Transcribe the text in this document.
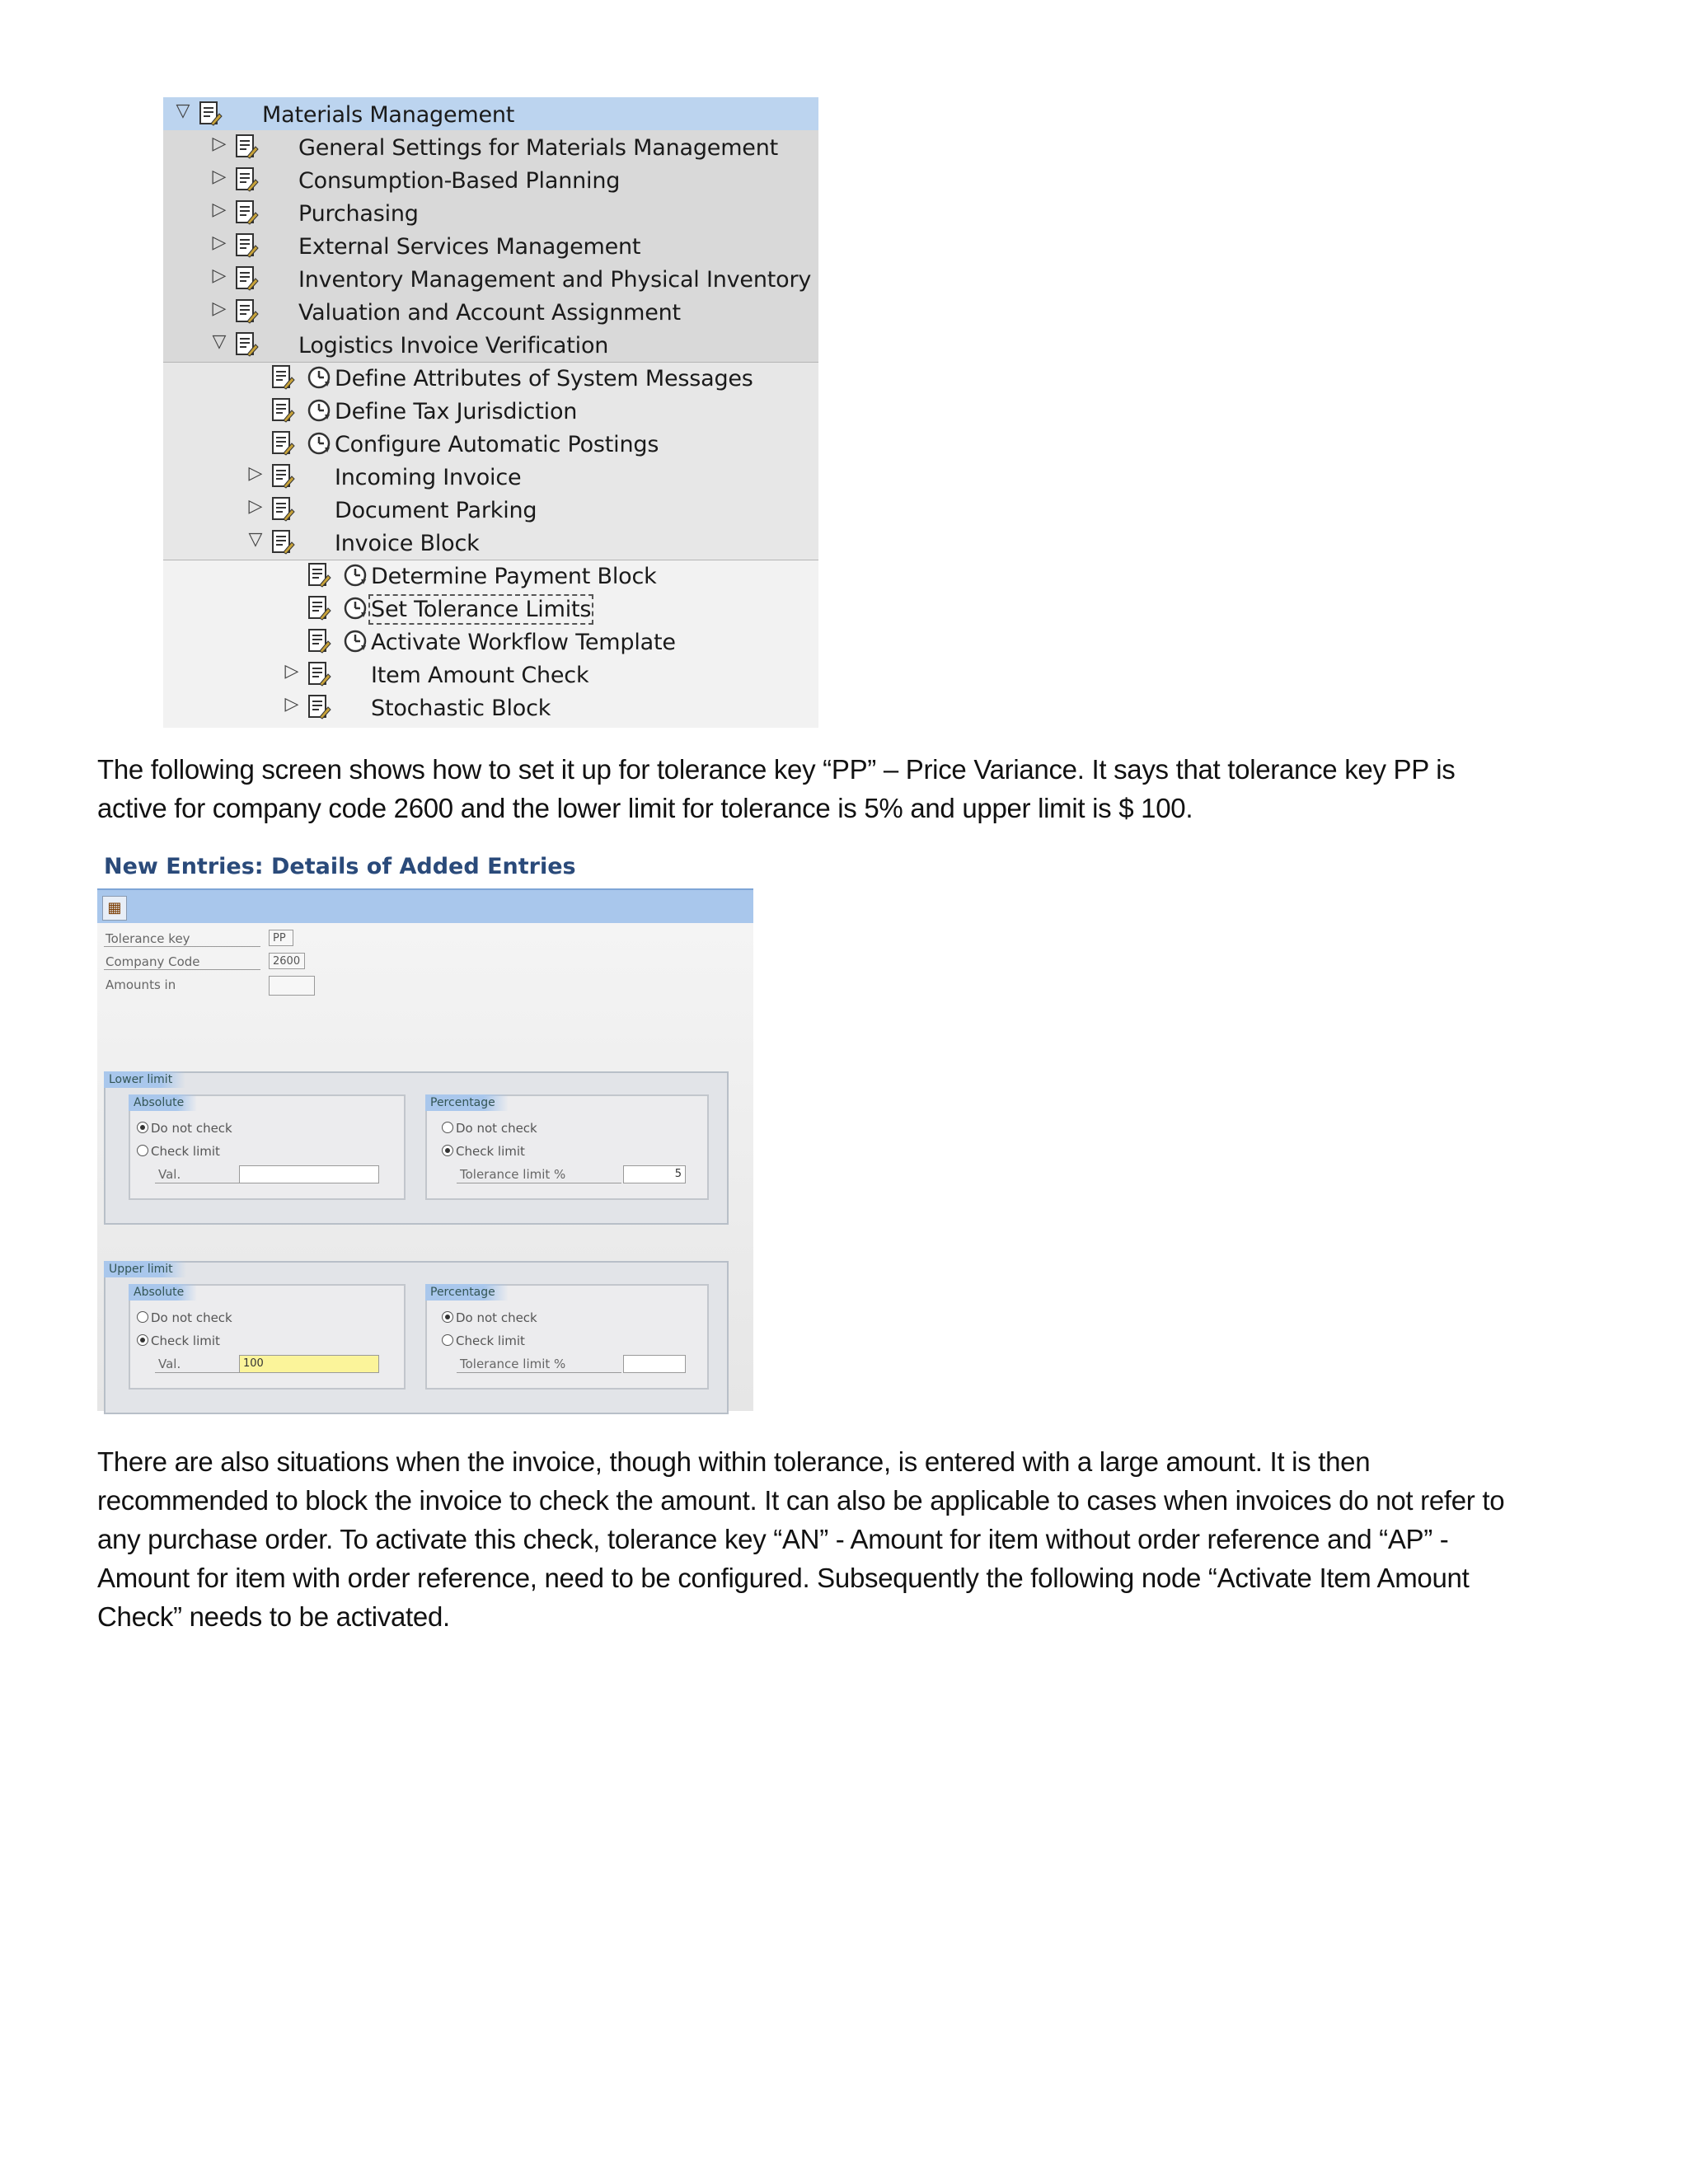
▽	Materials Management
▷	General Settings for Materials Management
▷	Consumption-Based Planning
▷	Purchasing
▷	External Services Management
▷	Inventory Management and Physical Inventory
▷	Valuation and Account Assignment
▽	Logistics Invoice Verification
Define Attributes of System Messages
Define Tax Jurisdiction
Configure Automatic Postings
▷	Incoming Invoice
▷	Document Parking
▽	Invoice Block
Determine Payment Block
Set Tolerance Limits
Activate Workflow Template
▷	Item Amount Check
▷	Stochastic Block

The following screen shows how to set it up for tolerance key “PP” – Price Variance. It says that tolerance key PP is

active for company code 2600 and the lower limit for tolerance is 5% and upper limit is $ 100.

New Entries: Details of Added Entries
▦
Tolerance key	PP
Company Code	2600
Amounts in
Lower limit
Absolute
Do not check
Check limit
Val.
Percentage
Do not check
Check limit
Tolerance limit %	5
Upper limit
Absolute
Do not check
Check limit
Val.	100
Percentage
Do not check
Check limit
Tolerance limit %

There are also situations when the invoice, though within tolerance, is entered with a large amount. It is then

recommended to block the invoice to check the amount. It can also be applicable to cases when invoices do not refer to

any purchase order. To activate this check, tolerance key “AN” - Amount for item without order reference and “AP” -

Amount for item with order reference, need to be configured. Subsequently the following node “Activate Item Amount

Check” needs to be activated.
